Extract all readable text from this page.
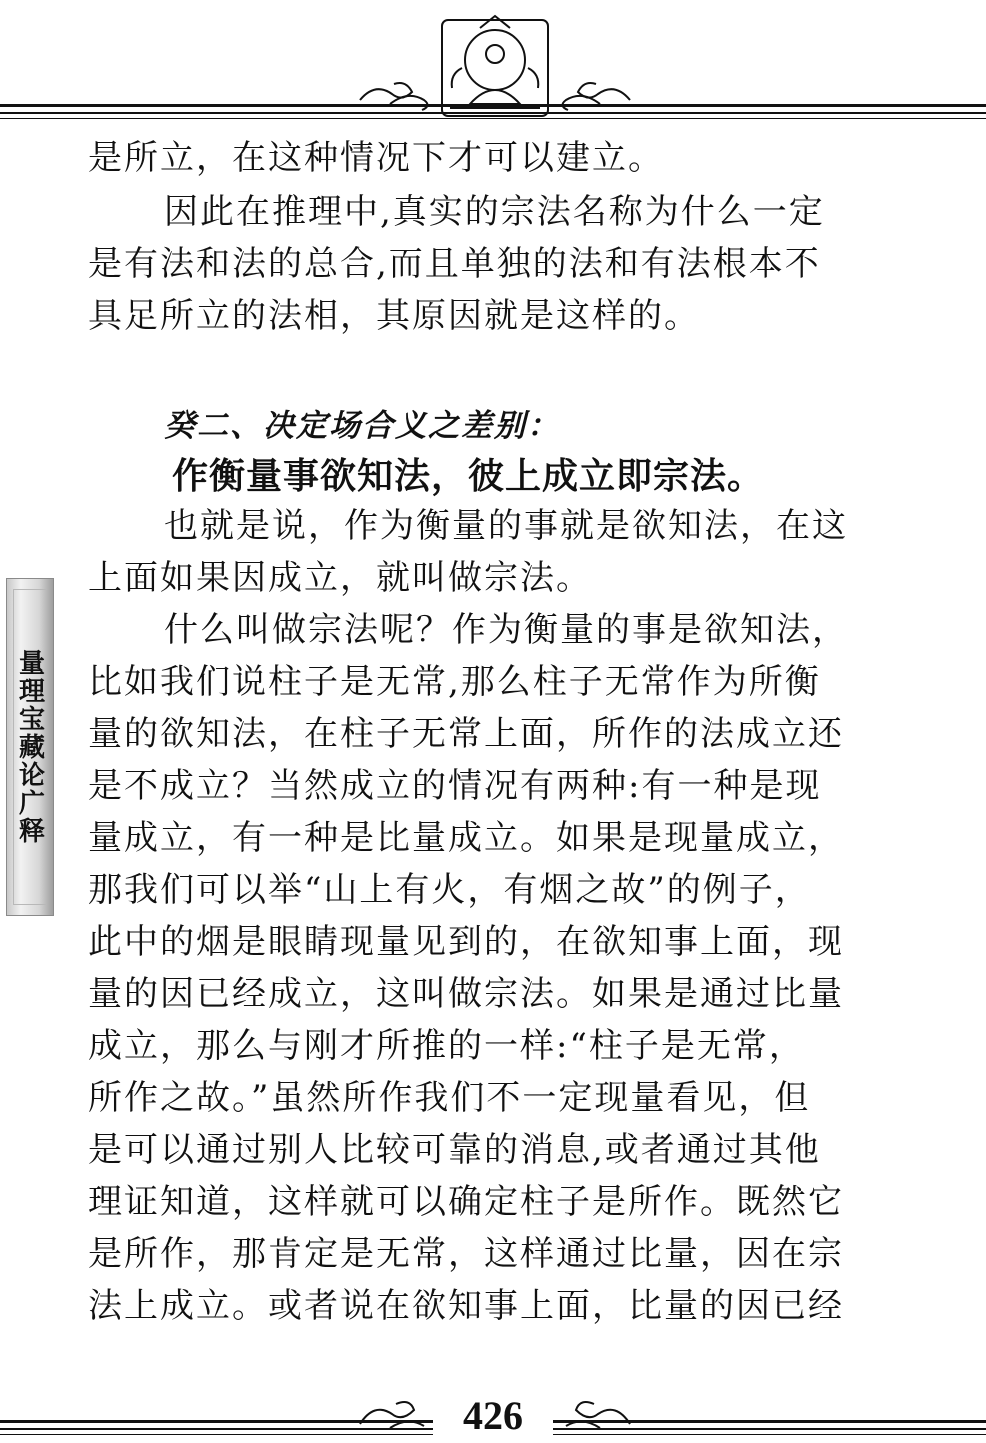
量理宝藏论广释
是所立，在这种情况下才可以建立。
因此在推理中,真实的宗法名称为什么一定
是有法和法的总合,而且单独的法和有法根本不
具足所立的法相，其原因就是这样的。
癸二、决定场合义之差别：
作衡量事欲知法，彼上成立即宗法。
也就是说，作为衡量的事就是欲知法，在这
上面如果因成立，就叫做宗法。
什么叫做宗法呢？作为衡量的事是欲知法，
比如我们说柱子是无常,那么柱子无常作为所衡
量的欲知法，在柱子无常上面，所作的法成立还
是不成立？当然成立的情况有两种:有一种是现
量成立，有一种是比量成立。如果是现量成立，
那我们可以举“山上有火，有烟之故”的例子，
此中的烟是眼睛现量见到的，在欲知事上面，现
量的因已经成立，这叫做宗法。如果是通过比量
成立，那么与刚才所推的一样:“柱子是无常，
所作之故。”虽然所作我们不一定现量看见，但
是可以通过别人比较可靠的消息,或者通过其他
理证知道，这样就可以确定柱子是所作。既然它
是所作，那肯定是无常，这样通过比量，因在宗
法上成立。或者说在欲知事上面，比量的因已经
426
